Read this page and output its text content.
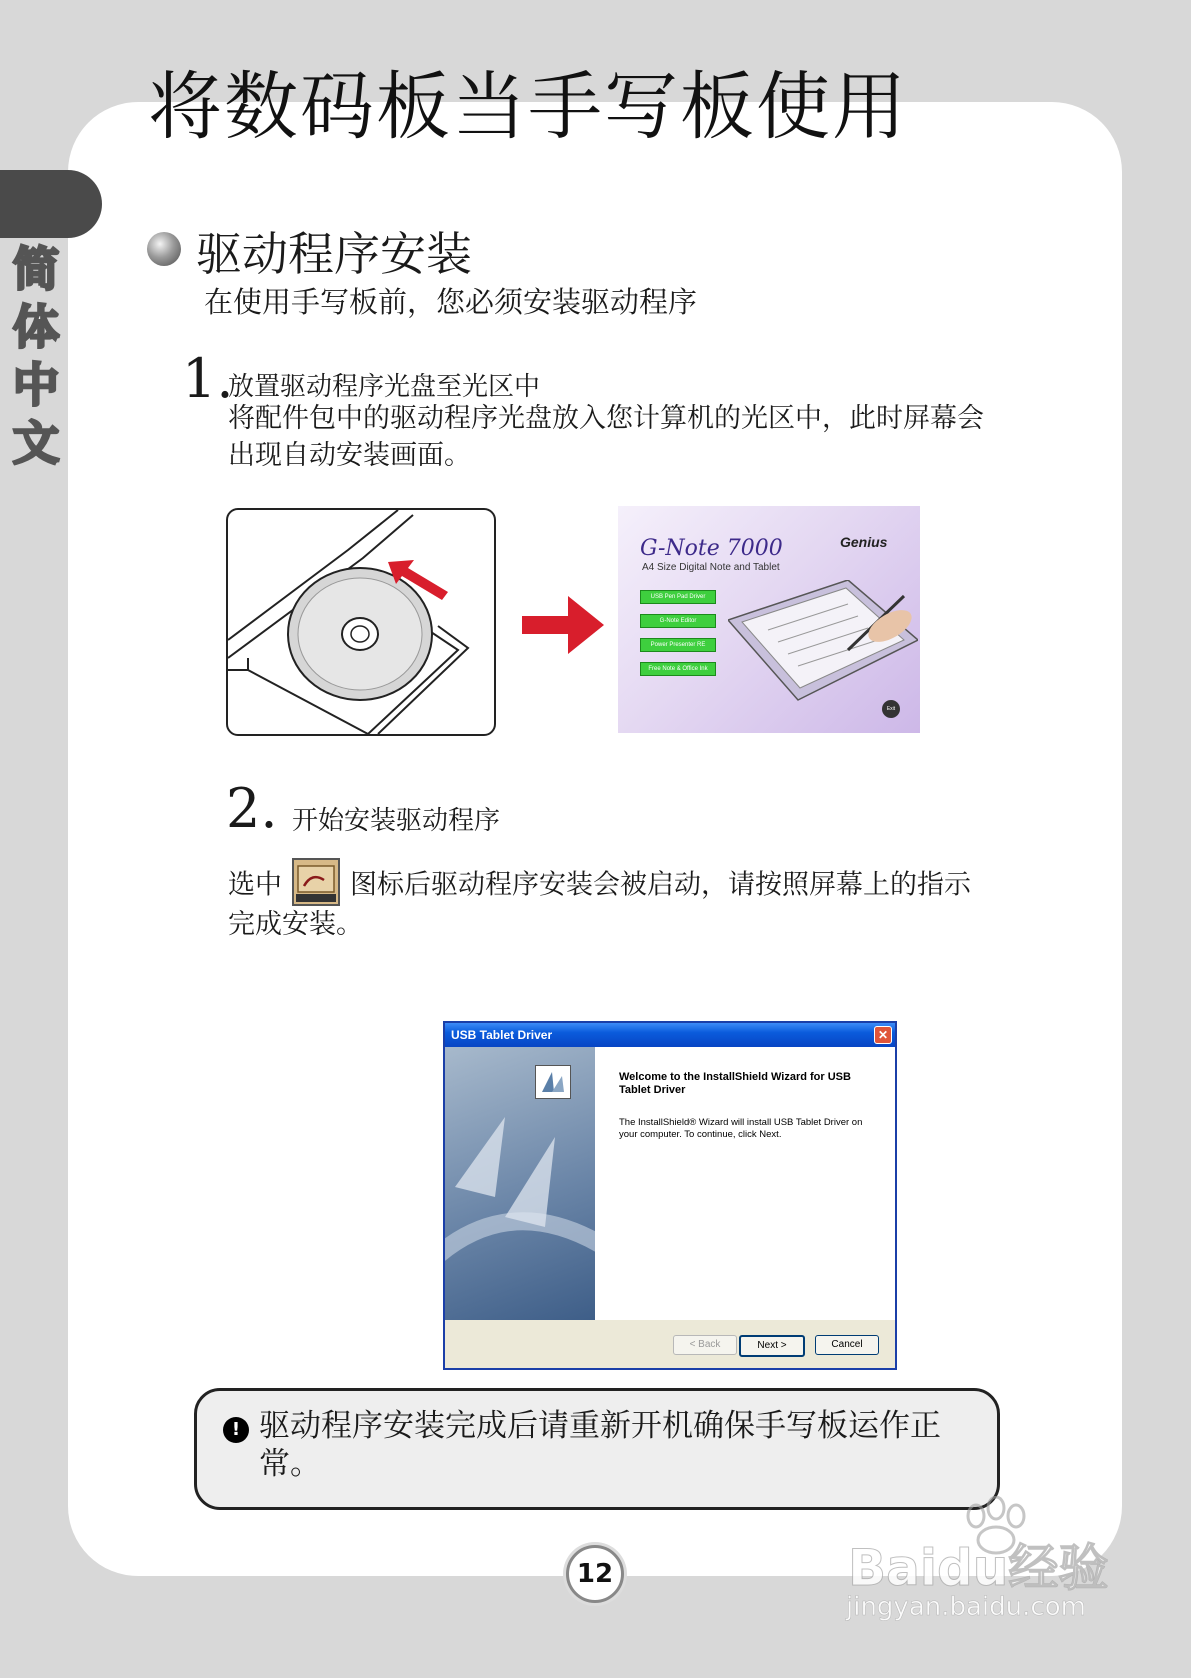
将数码板当手写板使用
简体中文
驱动程序安装
在使用手写板前，您必须安装驱动程序
1.
放置驱动程序光盘至光区中
将配件包中的驱动程序光盘放入您计算机的光区中，此时屏幕会出现自动安装画面。
G-Note 7000
A4 Size Digital Note and Tablet
Genius
USB Pen Pad Driver
G-Note Editor
Power Presenter RE
Free Note & Office Ink
Exit
2. 开始安装驱动程序
选中	图标后驱动程序安装会被启动，请按照屏幕上的指示完成安装。
USB Tablet Driver	✕
Welcome to the InstallShield Wizard for USB Tablet Driver
The InstallShield® Wizard will install USB Tablet Driver on your computer. To continue, click Next.
< Back	Next >	Cancel
! 驱动程序安装完成后请重新开机确保手写板运作正常。
12	Baidu经验
jingyan.baidu.com
